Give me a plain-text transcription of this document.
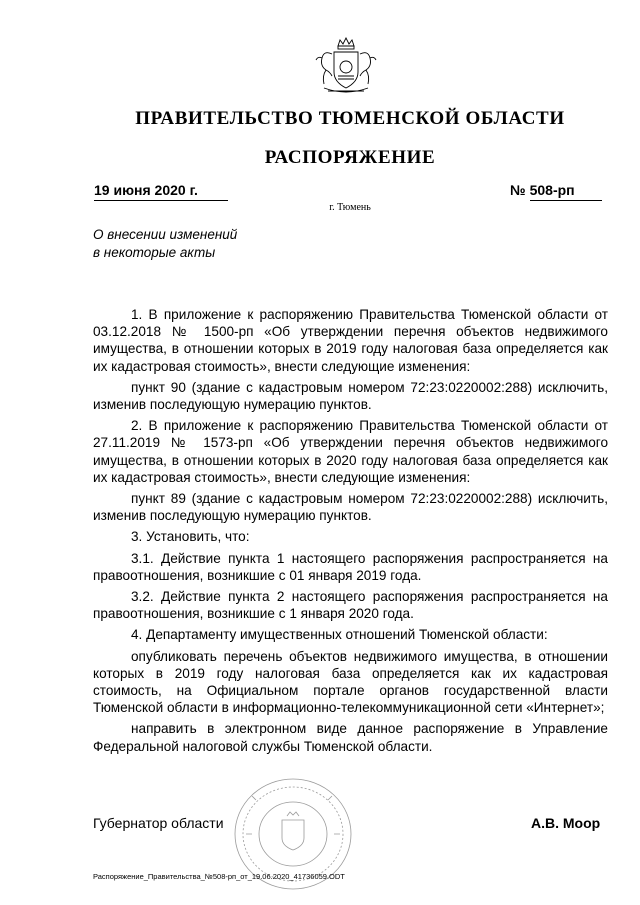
ПРАВИТЕЛЬСТВО ТЮМЕНСКОЙ ОБЛАСТИ
РАСПОРЯЖЕНИЕ
19 июня 2020 г.
г. Тюмень
№ 508-рп
О внесении изменений
в некоторые акты

1. В приложение к распоряжению Правительства Тюменской области от 03.12.2018 № 1500-рп «Об утверждении перечня объектов недвижимого имущества, в отношении которых в 2019 году налоговая база определяется как их кадастровая стоимость», внести следующие изменения:

пункт 90 (здание с кадастровым номером 72:23:0220002:288) исключить, изменив последующую нумерацию пунктов.

2. В приложение к распоряжению Правительства Тюменской области от 27.11.2019 № 1573-рп «Об утверждении перечня объектов недвижимого имущества, в отношении которых в 2020 году налоговая база определяется как их кадастровая стоимость», внести следующие изменения:

пункт 89 (здание с кадастровым номером 72:23:0220002:288) исключить, изменив последующую нумерацию пунктов.

3. Установить, что:

3.1. Действие пункта 1 настоящего распоряжения распространяется на правоотношения, возникшие с 01 января 2019 года.

3.2. Действие пункта 2 настоящего распоряжения распространяется на правоотношения, возникшие с 1 января 2020 года.

4. Департаменту имущественных отношений Тюменской области:

опубликовать перечень объектов недвижимого имущества, в отношении которых в 2019 году налоговая база определяется как их кадастровая стоимость, на Официальном портале органов государственной власти Тюменской области в информационно-телекоммуникационной сети «Интернет»;

направить в электронном виде данное распоряжение в Управление Федеральной налоговой службы Тюменской области.

Губернатор области	А.В. Моор
Распоряжение_Правительства_№508-рп_от_19.06.2020_41736059.ODT
